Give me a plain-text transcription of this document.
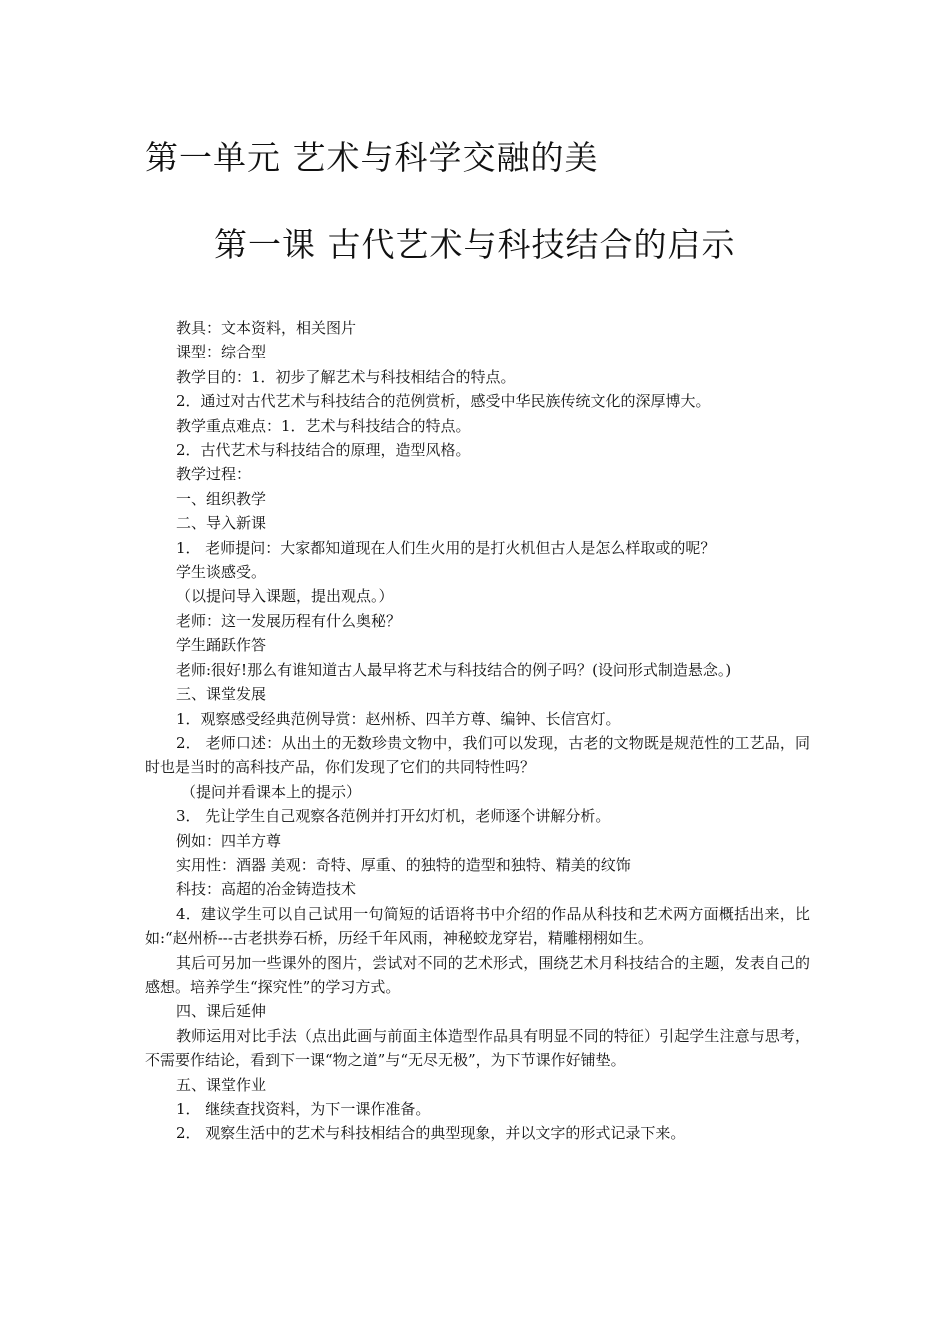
第一单元 艺术与科学交融的美
第一课 古代艺术与科技结合的启示

教具：文本资料，相关图片

课型：综合型

教学目的：1．初步了解艺术与科技相结合的特点。

2．通过对古代艺术与科技结合的范例赏析，感受中华民族传统文化的深厚博大。

教学重点难点：1．艺术与科技结合的特点。

2．古代艺术与科技结合的原理，造型风格。

教学过程：

一、组织教学

二、导入新课

1． 老师提问：大家都知道现在人们生火用的是打火机但古人是怎么样取或的呢？

学生谈感受。

（以提问导入课题，提出观点。）

老师：这一发展历程有什么奥秘？

学生踊跃作答

老师:很好!那么有谁知道古人最早将艺术与科技结合的例子吗？(设问形式制造悬念。)

三、课堂发展

1．观察感受经典范例导赏：赵州桥、四羊方尊、编钟、长信宫灯。

2． 老师口述：从出土的无数珍贵文物中，我们可以发现，古老的文物既是规范性的工艺品，同时也是当时的高科技产品，你们发现了它们的共同特性吗？

（提问并看课本上的提示）

3． 先让学生自己观察各范例并打开幻灯机，老师逐个讲解分析。

例如：四羊方尊

实用性：酒器 美观：奇特、厚重、的独特的造型和独特、精美的纹饰

科技：高超的冶金铸造技术

4．建议学生可以自己试用一句简短的话语将书中介绍的作品从科技和艺术两方面概括出来，比如:“赵州桥---古老拱券石桥，历经千年风雨，神秘蛟龙穿岩，精雕栩栩如生。

其后可另加一些课外的图片，尝试对不同的艺术形式，围绕艺术月科技结合的主题，发表自己的感想。培养学生“探究性”的学习方式。

四、课后延伸

教师运用对比手法（点出此画与前面主体造型作品具有明显不同的特征）引起学生注意与思考，不需要作结论，看到下一课“物之道”与“无尽无极”，为下节课作好铺垫。

五、课堂作业

1． 继续查找资料，为下一课作准备。

2． 观察生活中的艺术与科技相结合的典型现象，并以文字的形式记录下来。
